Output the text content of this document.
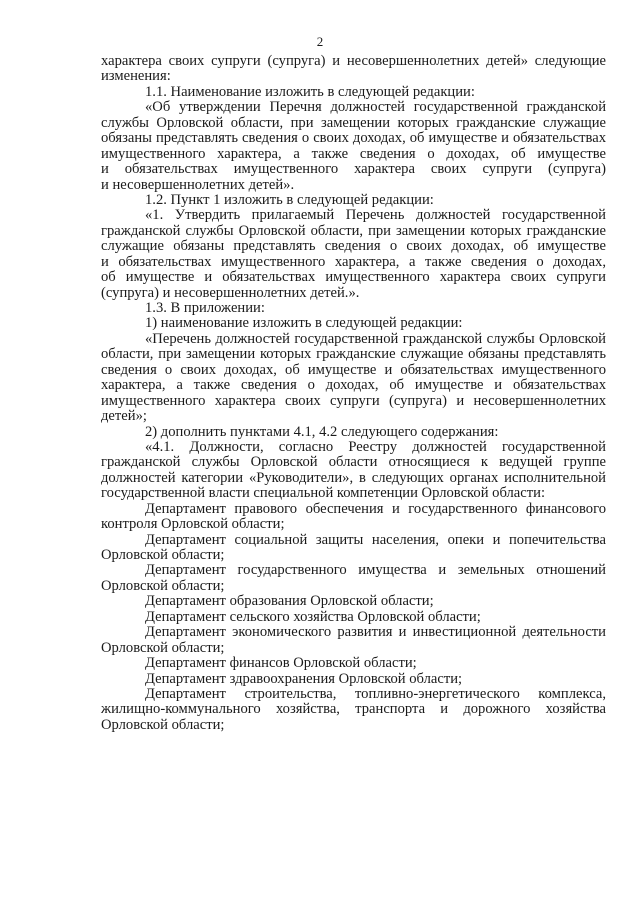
2
характера своих супруги (супруга) и несовершеннолетних детей» следующие
изменения:
1.1. Наименование изложить в следующей редакции:
«Об утверждении Перечня должностей государственной гражданской
службы Орловской области, при замещении которых гражданские служащие
обязаны представлять сведения о своих доходах, об имуществе и обязательствах
имущественного характера, а также сведения о доходах, об имуществе
и обязательствах имущественного характера своих супруги (супруга)
и несовершеннолетних детей».
1.2. Пункт 1 изложить в следующей редакции:
«1. Утвердить прилагаемый Перечень должностей государственной
гражданской службы Орловской области, при замещении которых гражданские
служащие обязаны представлять сведения о своих доходах, об имуществе
и обязательствах имущественного характера, а также сведения о доходах,
об имуществе и обязательствах имущественного характера своих супруги
(супруга) и несовершеннолетних детей.».
1.3. В приложении:
1) наименование изложить в следующей редакции:
«Перечень должностей государственной гражданской службы Орловской
области, при замещении которых гражданские служащие обязаны представлять
сведения о своих доходах, об имуществе и обязательствах имущественного
характера, а также сведения о доходах, об имуществе и обязательствах
имущественного характера своих супруги (супруга) и несовершеннолетних
детей»;
2) дополнить пунктами 4.1, 4.2 следующего содержания:
«4.1. Должности, согласно Реестру должностей государственной
гражданской службы Орловской области относящиеся к ведущей группе
должностей категории «Руководители», в следующих органах исполнительной
государственной власти специальной компетенции Орловской области:
Департамент правового обеспечения и государственного финансового
контроля Орловской области;
Департамент социальной защиты населения, опеки и попечительства
Орловской области;
Департамент государственного имущества и земельных отношений
Орловской области;
Департамент образования Орловской области;
Департамент сельского хозяйства Орловской области;
Департамент экономического развития и инвестиционной деятельности
Орловской области;
Департамент финансов Орловской области;
Департамент здравоохранения Орловской области;
Департамент строительства, топливно-энергетического комплекса,
жилищно-коммунального хозяйства, транспорта и дорожного хозяйства
Орловской области;
